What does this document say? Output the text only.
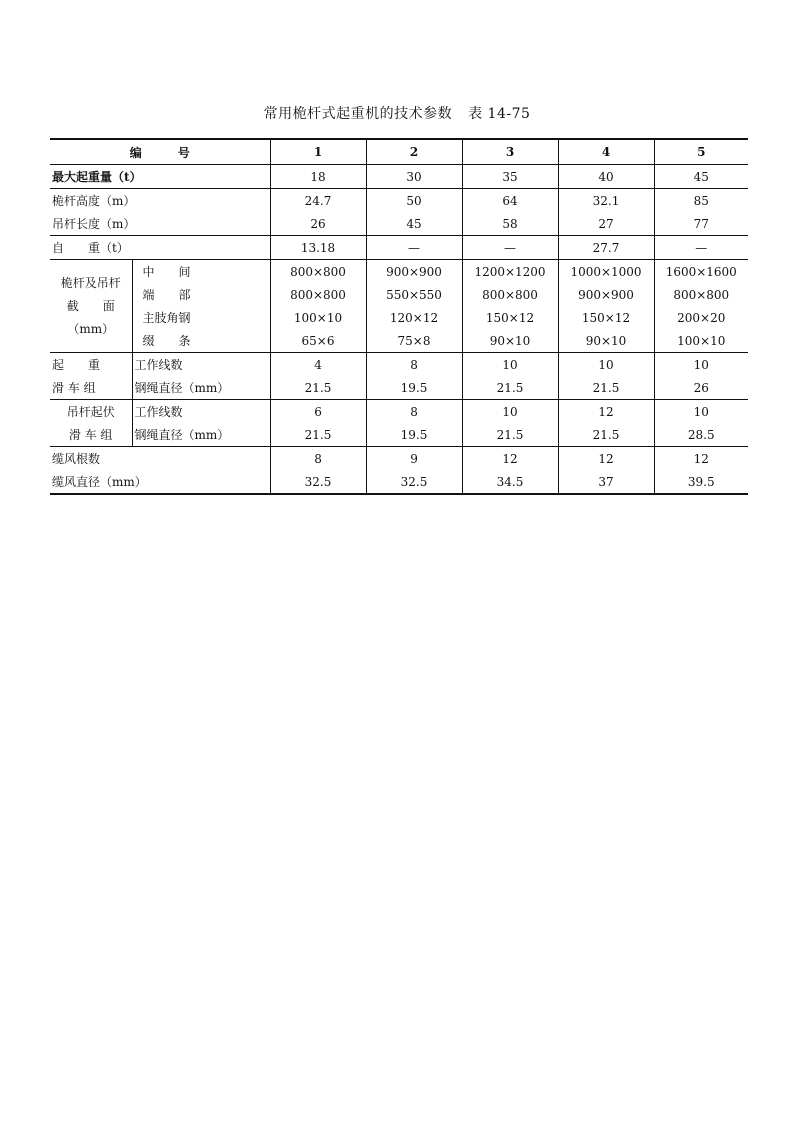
常用桅杆式起重机的技术参数 表 14-75
编　　　号		1	2	3	4	5
最大起重量（t）		18	30	35	40	45
桅杆高度（m）		24.7	50	64	32.1	85
吊杆长度（m）		26	45	58	27	77
自　　重（t）		13.18	—	—	27.7	—

桅杆及吊杆
截　　面
（mm）	中　　间	800×800	900×900	1200×1200	1000×1000	1600×1600
	端　　部	800×800	550×550	800×800	900×900	800×800
	主肢角钢	100×10	120×12	150×12	150×12	200×20
	缀　　条	65×6	75×8	90×10	90×10	100×10
起　　重	工作线数	4	8	10	10	10
滑 车 组	钢绳直径（mm）	21.5	19.5	21.5	21.5	26
吊杆起伏	工作线数	6	8	10	12	10
滑 车 组	钢绳直径（mm）	21.5	19.5	21.5	21.5	28.5
缆风根数		8	9	12	12	12
缆风直径（mm）		32.5	32.5	34.5	37	39.5
